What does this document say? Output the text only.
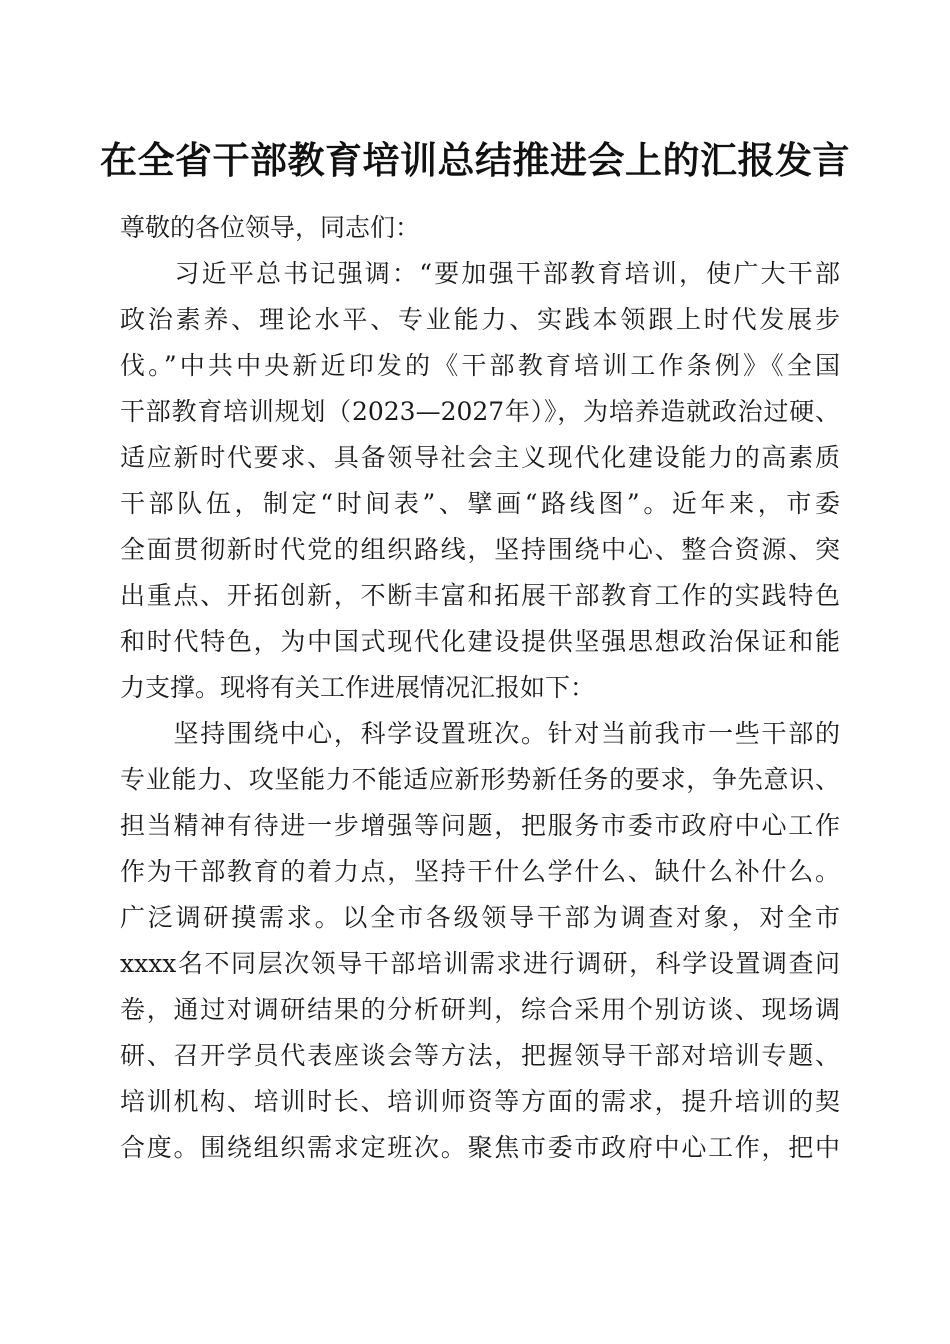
在全省干部教育培训总结推进会上的汇报发言

尊敬的各位领导，同志们：

　　习近平总书记强调：“要加强干部教育培训，使广大干部

政治素养、理论水平、专业能力、实践本领跟上时代发展步

伐。”中共中央新近印发的《干部教育培训工作条例》《全国

干部教育培训规划（2023—2027年）》，为培养造就政治过硬、

适应新时代要求、具备领导社会主义现代化建设能力的高素质

干部队伍，制定“时间表”、擘画“路线图”。近年来，市委

全面贯彻新时代党的组织路线，坚持围绕中心、整合资源、突

出重点、开拓创新，不断丰富和拓展干部教育工作的实践特色

和时代特色，为中国式现代化建设提供坚强思想政治保证和能

力支撑。现将有关工作进展情况汇报如下：

　　坚持围绕中心，科学设置班次。针对当前我市一些干部的

专业能力、攻坚能力不能适应新形势新任务的要求，争先意识、

担当精神有待进一步增强等问题，把服务市委市政府中心工作

作为干部教育的着力点，坚持干什么学什么、缺什么补什么。

广泛调研摸需求。以全市各级领导干部为调查对象，对全市

xxxx名不同层次领导干部培训需求进行调研，科学设置调查问

卷，通过对调研结果的分析研判，综合采用个别访谈、现场调

研、召开学员代表座谈会等方法，把握领导干部对培训专题、

培训机构、培训时长、培训师资等方面的需求，提升培训的契

合度。围绕组织需求定班次。聚焦市委市政府中心工作，把中
